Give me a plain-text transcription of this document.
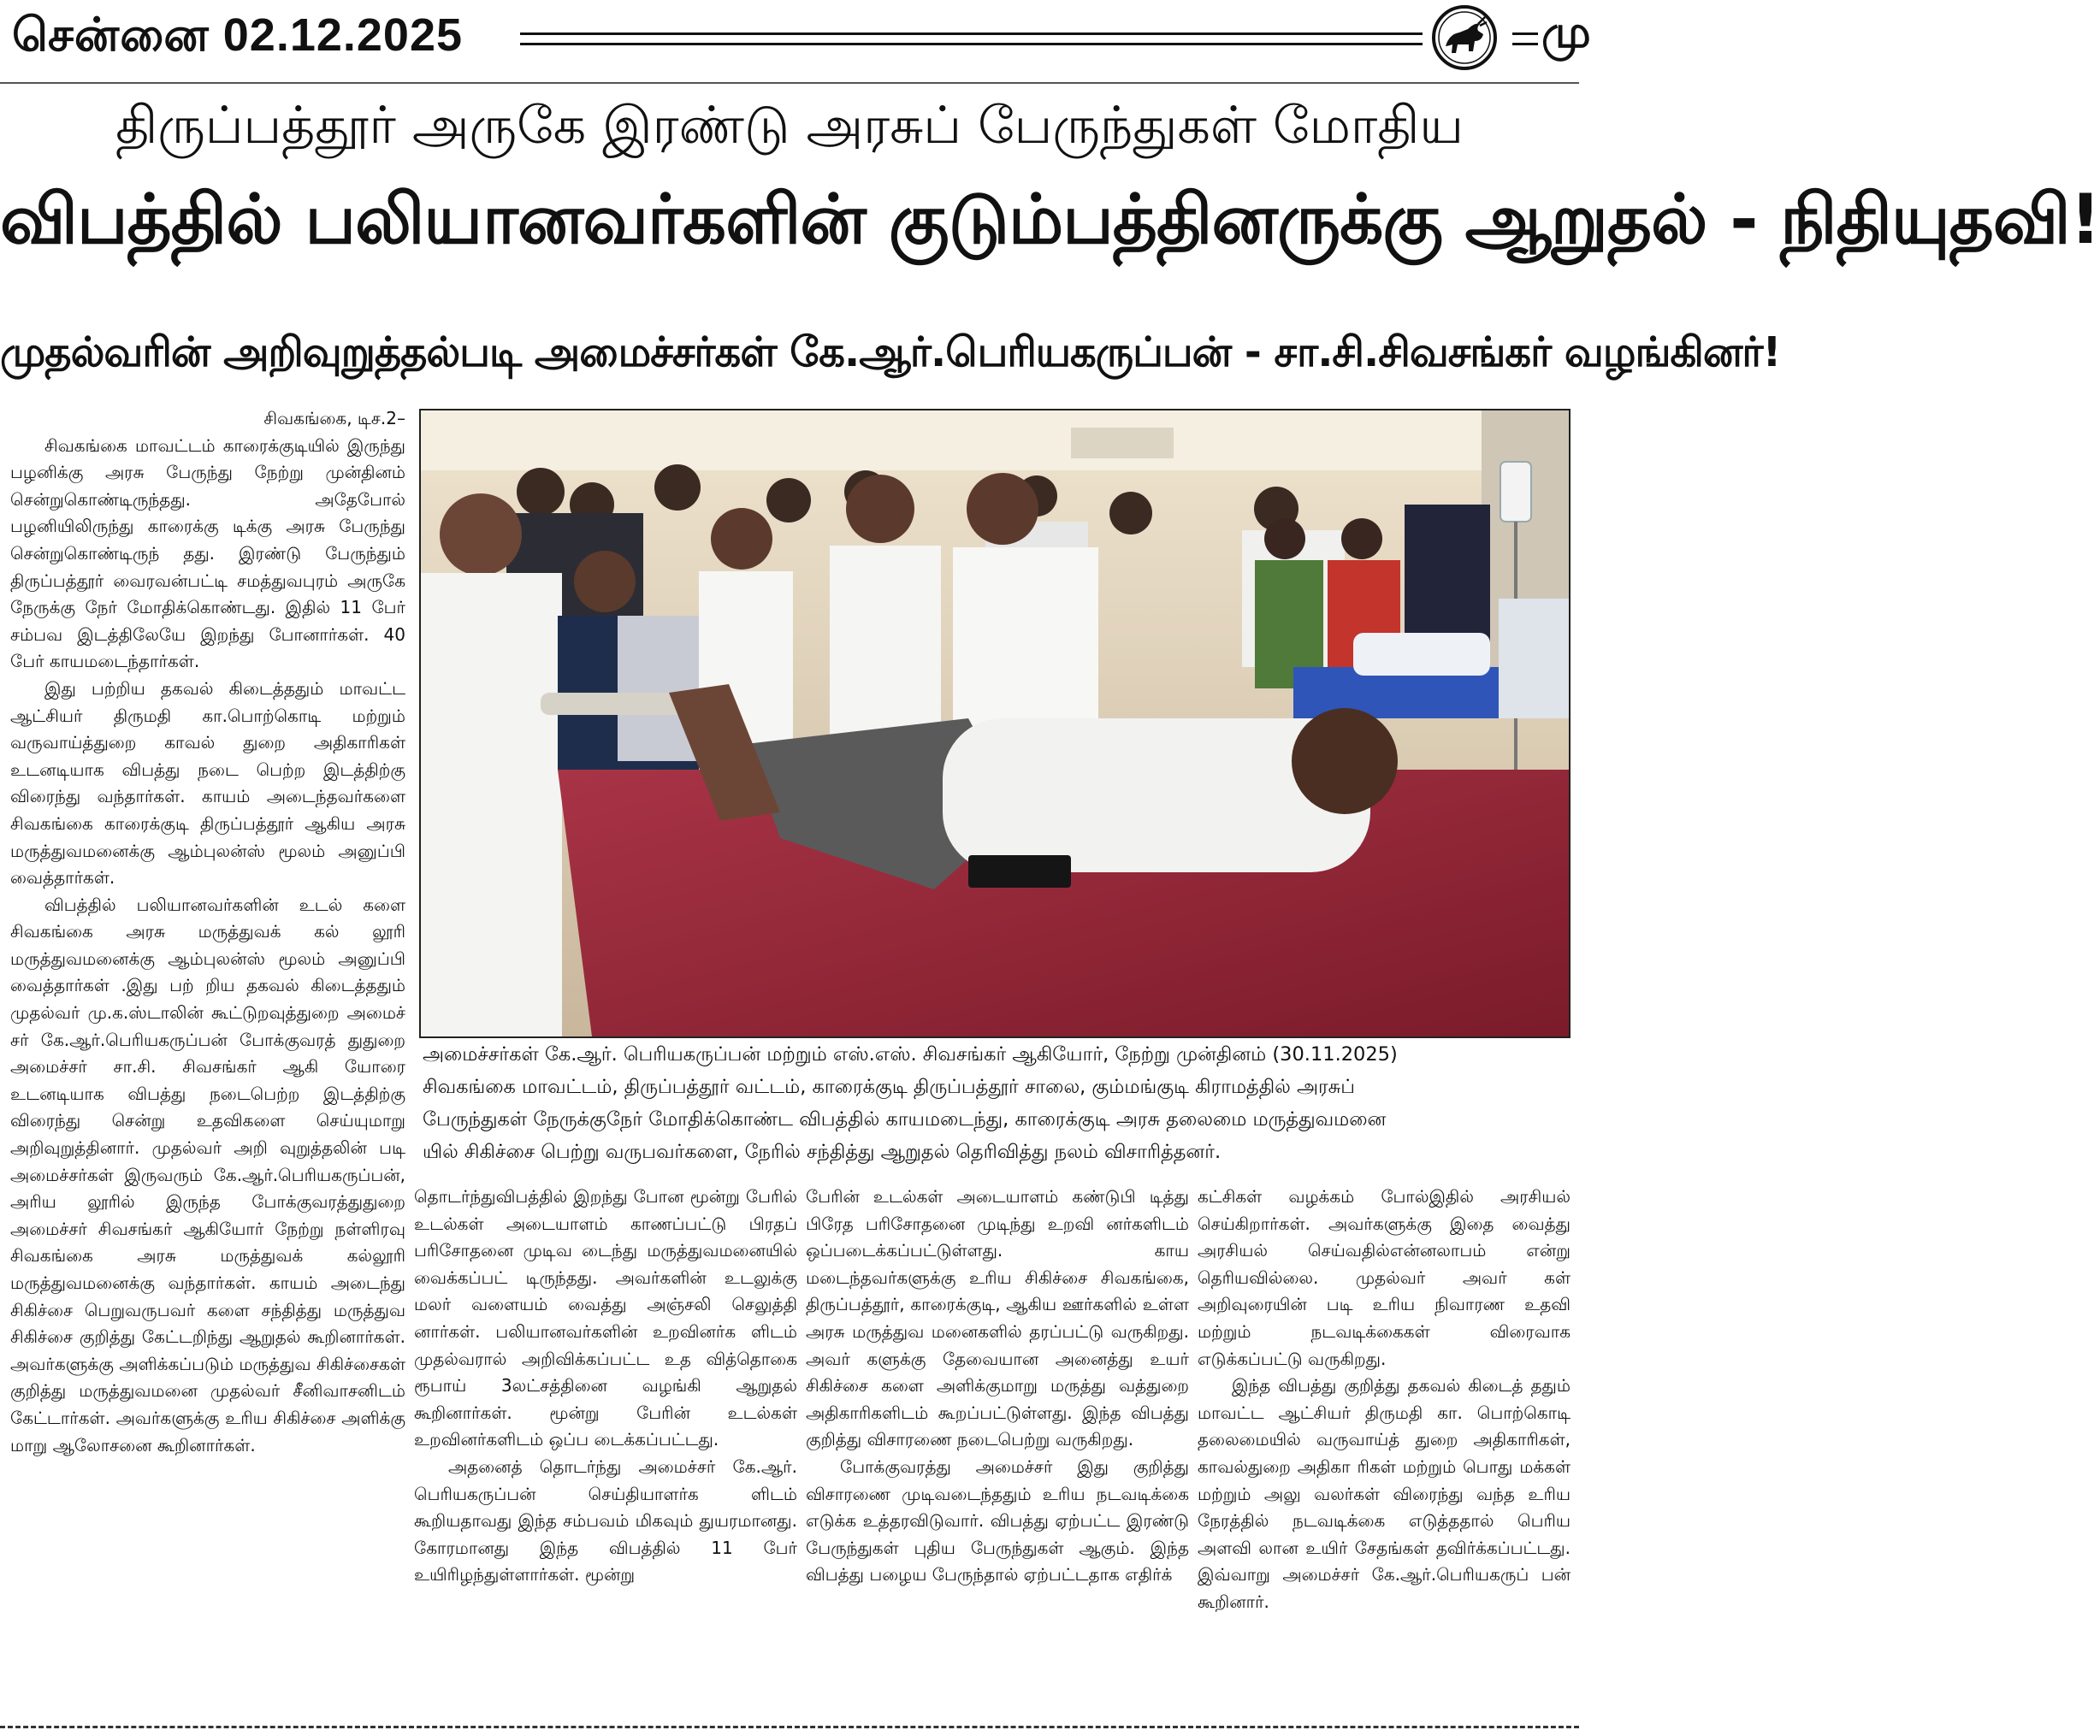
சென்னை 02.12.2025	மு
திருப்பத்தூர் அருகே இரண்டு அரசுப் பேருந்துகள் மோதிய
விபத்தில் பலியானவர்களின் குடும்பத்தினருக்கு ஆறுதல் - நிதியுதவி!
முதல்வரின் அறிவுறுத்தல்படி அமைச்சர்கள் கே.ஆர்.பெரியகருப்பன் - சா.சி.சிவசங்கர் வழங்கினர்!

சிவகங்கை, டிச.2–

சிவகங்கை மாவட்டம் காரைக்குடியில் இருந்து பழனிக்கு அரசு பேருந்து நேற்று முன்தினம் சென்றுகொண்டிருந்தது. அதேபோல் பழனியிலிருந்து காரைக்கு டிக்கு அரசு பேருந்து சென்றுகொண்டிருந் தது. இரண்டு பேருந்தும் திருப்பத்தூர் வைரவன்பட்டி சமத்துவபுரம் அருகே நேருக்கு நேர் மோதிக்கொண்டது. இதில் 11 பேர் சம்பவ இடத்திலேயே இறந்து போனார்கள். 40 பேர் காயமடைந்தார்கள்.

இது பற்றிய தகவல் கிடைத்ததும் மாவட்ட ஆட்சியர் திருமதி கா.பொற்கொடி மற்றும் வருவாய்த்துறை காவல் துறை அதிகாரிகள் உடனடியாக விபத்து நடை பெற்ற இடத்திற்கு விரைந்து வந்தார்கள். காயம் அடைந்தவர்களை சிவகங்கை காரைக்குடி திருப்பத்தூர் ஆகிய அரசு மருத்துவமனைக்கு ஆம்புலன்ஸ் மூலம் அனுப்பி வைத்தார்கள்.

விபத்தில் பலியானவர்களின் உடல் களை சிவகங்கை அரசு மருத்துவக் கல் லூரி மருத்துவமனைக்கு ஆம்புலன்ஸ் மூலம் அனுப்பி வைத்தார்கள் .இது பற் றிய தகவல் கிடைத்ததும் முதல்வர் மு.க.ஸ்டாலின் கூட்டுறவுத்துறை அமைச் சர் கே.ஆர்.பெரியகருப்பன் போக்குவரத் துதுறை அமைச்சர் சா.சி. சிவசங்கர் ஆகி யோரை உடனடியாக விபத்து நடைபெற்ற இடத்திற்கு விரைந்து சென்று உதவிகளை செய்யுமாறு அறிவுறுத்தினார். முதல்வர் அறி வுறுத்தலின் படி அமைச்சர்கள் இருவரும் கே.ஆர்.பெரியகருப்பன், அரிய லூரில் இருந்த போக்குவரத்துதுறை அமைச்சர் சிவசங்கர் ஆகியோர் நேற்று நள்ளிரவு சிவகங்கை அரசு மருத்துவக் கல்லூரி மருத்துவமனைக்கு வந்தார்கள். காயம் அடைந்து சிகிச்சை பெறுவருபவர் களை சந்தித்து மருத்துவ சிகிச்சை குறித்து கேட்டறிந்து ஆறுதல் கூறினார்கள். அவர்களுக்கு அளிக்கப்படும் மருத்துவ சிகிச்சைகள் குறித்து மருத்துவமனை முதல்வர் சீனிவாசனிடம் கேட்டார்கள். அவர்களுக்கு உரிய சிகிச்சை அளிக்கு மாறு ஆலோசனை கூறினார்கள்.

அமைச்சர்கள் கே.ஆர். பெரியகருப்பன் மற்றும் எஸ்.எஸ். சிவசங்கர் ஆகியோர், நேற்று முன்தினம் (30.11.2025)

சிவகங்கை மாவட்டம், திருப்பத்தூர் வட்டம், காரைக்குடி திருப்பத்தூர் சாலை, கும்மங்குடி கிராமத்தில் அரசுப்

பேருந்துகள் நேருக்குநேர் மோதிக்கொண்ட விபத்தில் காயமடைந்து, காரைக்குடி அரசு தலைமை மருத்துவமனை

யில் சிகிச்சை பெற்று வருபவர்களை, நேரில் சந்தித்து ஆறுதல் தெரிவித்து நலம் விசாரித்தனர்.

தொடர்ந்துவிபத்தில் இறந்து போன மூன்று பேரில் உடல்கள் அடையாளம் காணப்பட்டு பிரதப் பரிசோதனை முடிவ டைந்து மருத்துவமனையில் வைக்கப்பட் டிருந்தது. அவர்களின் உடலுக்கு மலர் வளையம் வைத்து அஞ்சலி செலுத்தி னார்கள். பலியானவர்களின் உறவினர்க ளிடம் முதல்வரால் அறிவிக்கப்பட்ட உத வித்தொகை ரூபாய் 3லட்சத்தினை வழங்கி ஆறுதல் கூறினார்கள். மூன்று பேரின் உடல்கள் உறவினர்களிடம் ஒப்ப டைக்கப்பட்டது.

அதனைத் தொடர்ந்து அமைச்சர் கே.ஆர். பெரியகருப்பன் செய்தியாளர்க ளிடம் கூறியதாவது இந்த சம்பவம் மிகவும் துயரமானது. கோரமானது இந்த விபத்தில் 11 பேர் உயிரிழந்துள்ளார்கள். மூன்று

பேரின் உடல்கள் அடையாளம் கண்டுபி டித்து பிரேத பரிசோதனை முடிந்து உறவி னர்களிடம் ஒப்படைக்கப்பட்டுள்ளது. காய மடைந்தவர்களுக்கு உரிய சிகிச்சை சிவகங்கை, திருப்பத்தூர், காரைக்குடி, ஆகிய ஊர்களில் உள்ள அரசு மருத்துவ மனைகளில் தரப்பட்டு வருகிறது. அவர் களுக்கு தேவையான அனைத்து உயர் சிகிச்சை களை அளிக்குமாறு மருத்து வத்துறை அதிகாரிகளிடம் கூறப்பட்டுள்ளது. இந்த விபத்து குறித்து விசாரணை நடைபெற்று வருகிறது.

போக்குவரத்து அமைச்சர் இது குறித்து விசாரணை முடிவடைந்ததும் உரிய நடவடிக்கை எடுக்க உத்தரவிடுவார். விபத்து ஏற்பட்ட இரண்டு பேருந்துகள் புதிய பேருந்துகள் ஆகும். இந்த விபத்து பழைய பேருந்தால் ஏற்பட்டதாக எதிர்க்

கட்சிகள் வழக்கம் போல்இதில் அரசியல் செய்கிறார்கள். அவர்களுக்கு இதை வைத்து அரசியல் செய்வதில்என்னலாபம் என்று தெரியவில்லை. முதல்வர் அவர் கள் அறிவுரையின் படி உரிய நிவாரண உதவி மற்றும் நடவடிக்கைகள் விரைவாக எடுக்கப்பட்டு வருகிறது.

இந்த விபத்து குறித்து தகவல் கிடைத் ததும் மாவட்ட ஆட்சியர் திருமதி கா. பொற்கொடி தலைமையில் வருவாய்த் துறை அதிகாரிகள், காவல்துறை அதிகா ரிகள் மற்றும் பொது மக்கள் மற்றும் அலு வலர்கள் விரைந்து வந்த உரிய நேரத்தில் நடவடிக்கை எடுத்ததால் பெரிய அளவி லான உயிர் சேதங்கள் தவிர்க்கப்பட்டது. இவ்வாறு அமைச்சர் கே.ஆர்.பெரியகருப் பன் கூறினார்.
